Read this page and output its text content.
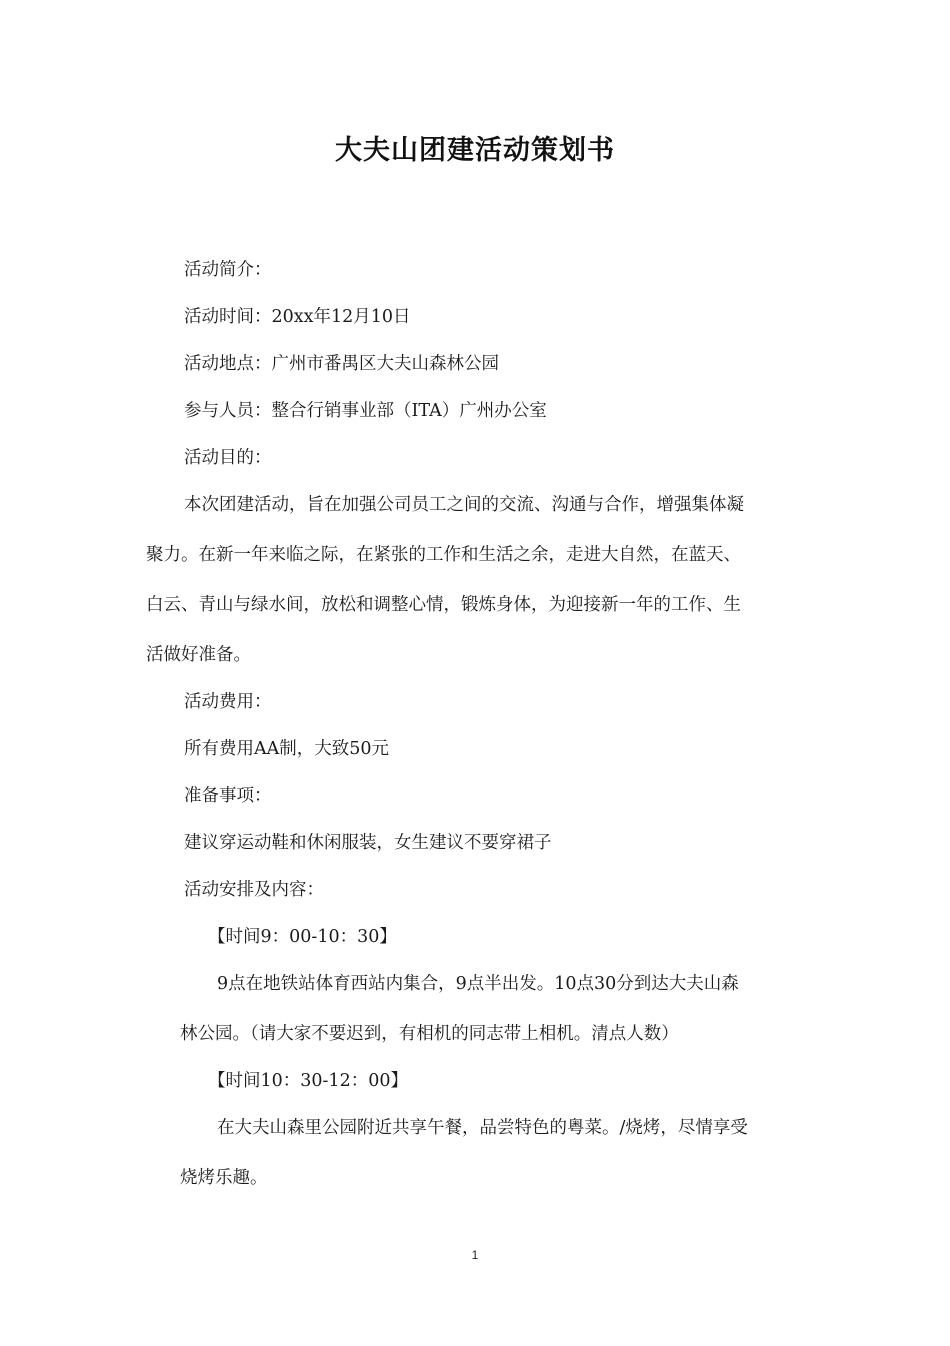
大夫山团建活动策划书

活动简介：

活动时间：20xx年12月10日

活动地点：广州市番禺区大夫山森林公园

参与人员：整合行销事业部（ITA）广州办公室

活动目的：

本次团建活动，旨在加强公司员工之间的交流、沟通与合作，增强集体凝

聚力。在新一年来临之际，在紧张的工作和生活之余，走进大自然，在蓝天、

白云、青山与绿水间，放松和调整心情，锻炼身体，为迎接新一年的工作、生

活做好准备。

活动费用：

所有费用AA制，大致50元

准备事项：

建议穿运动鞋和休闲服装，女生建议不要穿裙子

活动安排及内容：

【时间9：00-10：30】

9点在地铁站体育西站内集合，9点半出发。10点30分到达大夫山森

林公园。（请大家不要迟到，有相机的同志带上相机。清点人数）

【时间10：30-12：00】

在大夫山森里公园附近共享午餐，品尝特色的粤菜。/烧烤，尽情享受

烧烤乐趣。

1
